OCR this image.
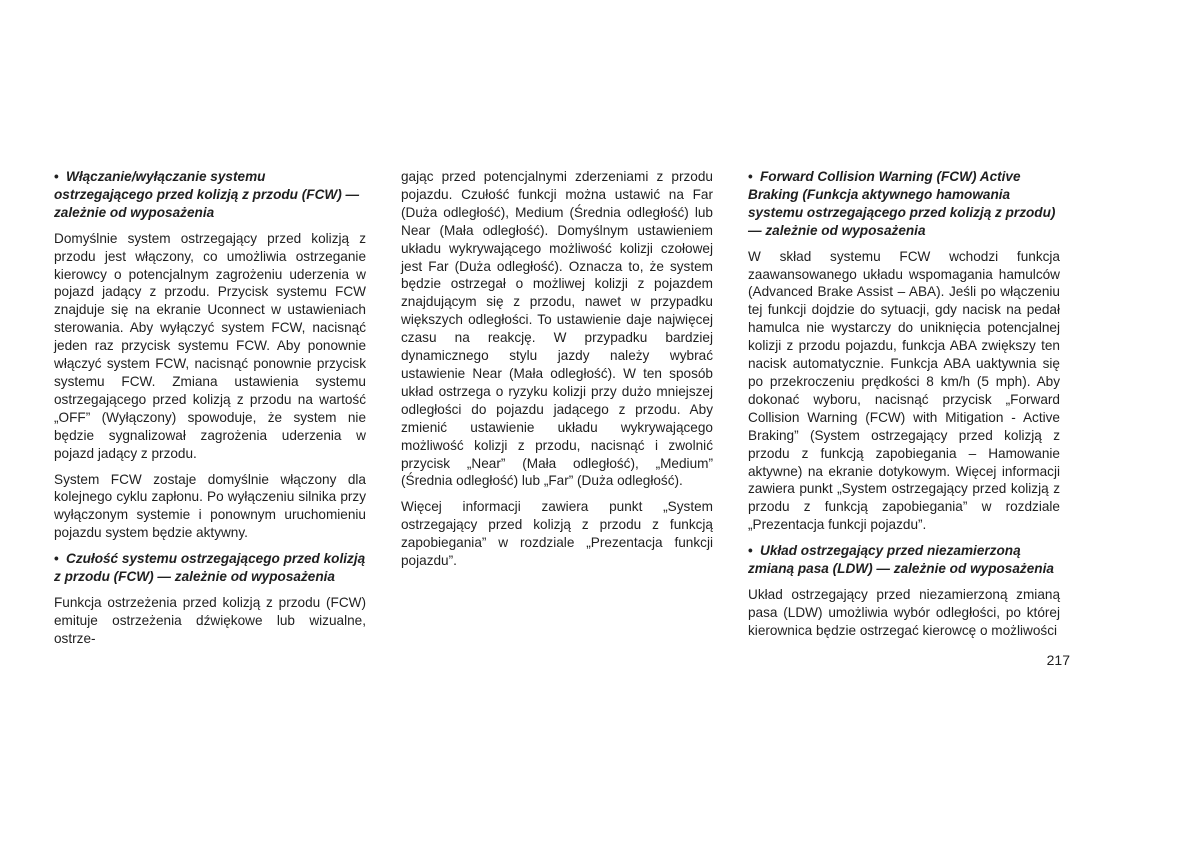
• Włączanie/wyłączanie systemu ostrzegającego przed kolizją z przodu (FCW) — zależnie od wyposażenia

Domyślnie system ostrzegający przed kolizją z przodu jest włączony, co umożliwia ostrzeganie kierowcy o potencjalnym zagrożeniu uderzenia w pojazd jadący z przodu. Przycisk systemu FCW znajduje się na ekranie Uconnect w ustawieniach sterowania. Aby wyłączyć system FCW, nacisnąć jeden raz przycisk systemu FCW. Aby ponownie włączyć system FCW, nacisnąć ponownie przycisk systemu FCW. Zmiana ustawienia systemu ostrzegającego przed kolizją z przodu na wartość „OFF” (Wyłączony) spowoduje, że system nie będzie sygnalizował zagrożenia uderzenia w pojazd jadący z przodu.

System FCW zostaje domyślnie włączony dla kolejnego cyklu zapłonu. Po wyłączeniu silnika przy wyłączonym systemie i ponownym uruchomieniu pojazdu system będzie aktywny.

• Czułość systemu ostrzegającego przed kolizją z przodu (FCW) — zależnie od wyposażenia

Funkcja ostrzeżenia przed kolizją z przodu (FCW) emituje ostrzeżenia dźwiękowe lub wizualne, ostrze-

gając przed potencjalnymi zderzeniami z przodu pojazdu. Czułość funkcji można ustawić na Far (Duża odległość), Medium (Średnia odległość) lub Near (Mała odległość). Domyślnym ustawieniem układu wykrywającego możliwość kolizji czołowej jest Far (Duża odległość). Oznacza to, że system będzie ostrzegał o możliwej kolizji z pojazdem znajdującym się z przodu, nawet w przypadku większych odległości. To ustawienie daje najwięcej czasu na reakcję. W przypadku bardziej dynamicznego stylu jazdy należy wybrać ustawienie Near (Mała odległość). W ten sposób układ ostrzega o ryzyku kolizji przy dużo mniejszej odległości do pojazdu jadącego z przodu. Aby zmienić ustawienie układu wykrywającego możliwość kolizji z przodu, nacisnąć i zwolnić przycisk „Near” (Mała odległość), „Medium” (Średnia odległość) lub „Far” (Duża odległość).

Więcej informacji zawiera punkt „System ostrzegający przed kolizją z przodu z funkcją zapobiegania” w rozdziale „Prezentacja funkcji pojazdu”.

• Forward Collision Warning (FCW) Active Braking (Funkcja aktywnego hamowania systemu ostrzegającego przed kolizją z przodu) — zależnie od wyposażenia

W skład systemu FCW wchodzi funkcja zaawansowanego układu wspomagania hamulców (Advanced Brake Assist – ABA). Jeśli po włączeniu tej funkcji dojdzie do sytuacji, gdy nacisk na pedał hamulca nie wystarczy do uniknięcia potencjalnej kolizji z przodu pojazdu, funkcja ABA zwiększy ten nacisk automatycznie. Funkcja ABA uaktywnia się po przekroczeniu prędkości 8 km/h (5 mph). Aby dokonać wyboru, nacisnąć przycisk „Forward Collision Warning (FCW) with Mitigation - Active Braking” (System ostrzegający przed kolizją z przodu z funkcją zapobiegania – Hamowanie aktywne) na ekranie dotykowym. Więcej informacji zawiera punkt „System ostrzegający przed kolizją z przodu z funkcją zapobiegania” w rozdziale „Prezentacja funkcji pojazdu”.

• Układ ostrzegający przed niezamierzoną zmianą pasa (LDW) — zależnie od wyposażenia

Układ ostrzegający przed niezamierzoną zmianą pasa (LDW) umożliwia wybór odległości, po której kierownica będzie ostrzegać kierowcę o możliwości

217
